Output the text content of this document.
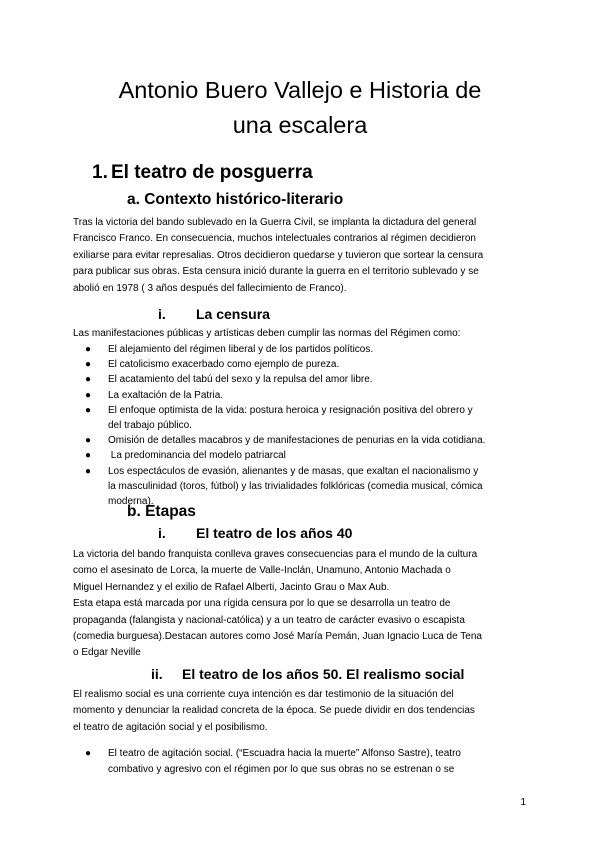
Antonio Buero Vallejo e Historia de
una escalera
1. El teatro de posguerra
a. Contexto histórico-literario

Tras la victoria del bando sublevado en la Guerra Civil, se implanta la dictadura del general
Francisco Franco. En consecuencia, muchos intelectuales contrarios al régimen decidieron
exiliarse para evitar represalias. Otros decidieron quedarse y tuvieron que sortear la censura
para publicar sus obras. Esta censura inició durante la guerra en el territorio sublevado y se
abolió en 1978 ( 3 años después del fallecimiento de Franco).

i. La censura

Las manifestaciones públicas y artísticas deben cumplir las normas del Régimen como:

● El alejamiento del régimen liberal y de los partidos políticos.
● El catolicismo exacerbado como ejemplo de pureza.
● El acatamiento del tabú del sexo y la repulsa del amor libre.
● La exaltación de la Patria.
● El enfoque optimista de la vida: postura heroica y resignación positiva del obrero y
del trabajo público.
● Omisión de detalles macabros y de manifestaciones de penurias en la vida cotidiana.
● La predominancia del modelo patriarcal
● Los espectáculos de evasión, alienantes y de masas, que exaltan el nacionalismo y
la masculinidad (toros, fútbol) y las trivialidades folklóricas (comedia musical, cómica
moderna).
b. Etapas
i. El teatro de los años 40

La victoria del bando franquista conlleva graves consecuencias para el mundo de la cultura
como el asesinato de Lorca, la muerte de Valle-Inclán, Unamuno, Antonio Machada o
Miguel Hernandez y el exilio de Rafael Alberti, Jacinto Grau o Max Aub.
Esta etapa está marcada por una rígida censura por lo que se desarrolla un teatro de
propaganda (falangista y nacional-católica) y a un teatro de carácter evasivo o escapista
(comedia burguesa).Destacan autores como José María Pemán, Juan Ignacio Luca de Tena
o Edgar Neville

ii. El teatro de los años 50. El realismo social

El realismo social es una corriente cuya intención es dar testimonio de la situación del
momento y denunciar la realidad concreta de la época. Se puede dividir en dos tendencias
el teatro de agitación social y el posibilismo.

● El teatro de agitación social. (“Escuadra hacia la muerte” Alfonso Sastre), teatro
combativo y agresivo con el régimen por lo que sus obras no se estrenan o se
1
